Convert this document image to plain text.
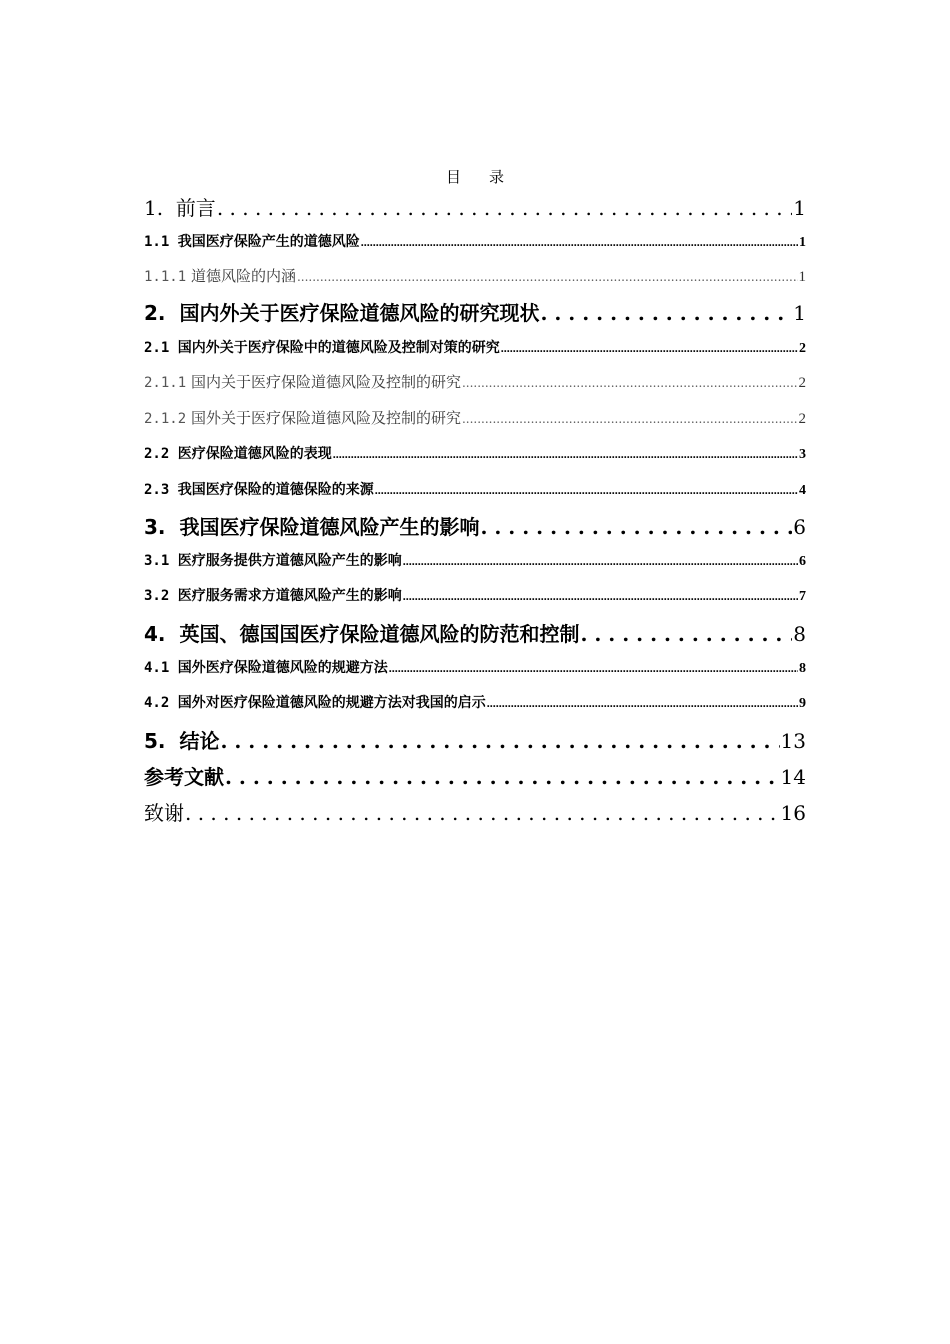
目 录
1. 前言 . . .	1
1.1 我国医疗保险产生的道德风险 .....	1
1.1.1 道德风险的内涵 .....	1
2. 国内外关于医疗保险道德风险的研究现状 . . .	1
2.1 国内外关于医疗保险中的道德风险及控制对策的研究 .....	2
2.1.1 国内关于医疗保险道德风险及控制的研究 .....	2
2.1.2 国外关于医疗保险道德风险及控制的研究 .....	2
2.2 医疗保险道德风险的表现 .....	3
2.3 我国医疗保险的道德保险的来源 .....	4
3. 我国医疗保险道德风险产生的影响 . . .	6
3.1 医疗服务提供方道德风险产生的影响 .....	6
3.2 医疗服务需求方道德风险产生的影响 .....	7
4. 英国、德国国医疗保险道德风险的防范和控制 . . .	8
4.1 国外医疗保险道德风险的规避方法 .....	8
4.2 国外对医疗保险道德风险的规避方法对我国的启示 .....	9
5. 结论 . . .	13
参考文献 . . .	14
致谢 . . .	16
